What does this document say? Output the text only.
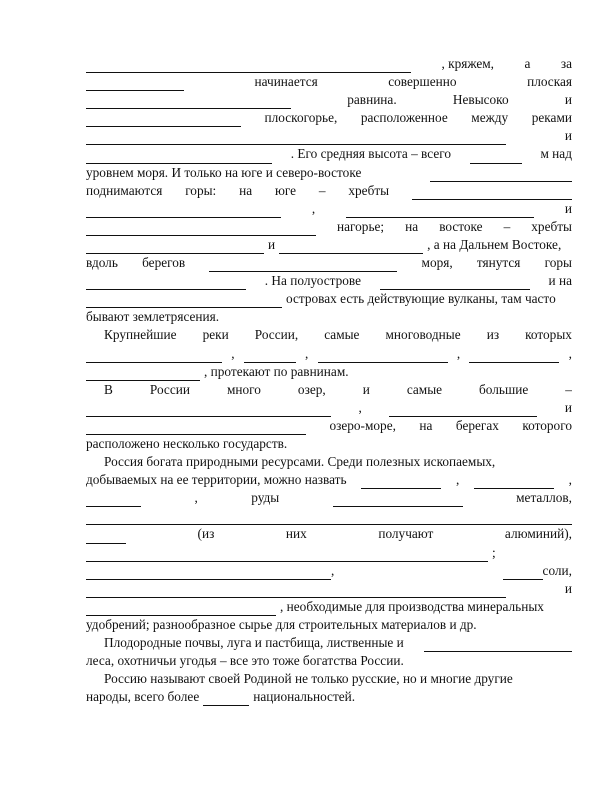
, кряжем, а за
начинается	совершенно	плоская
равнина.	Невысоко	и
плоскогорье, расположенное между реками
и
. Его средняя высота – всего	м над
уровнем моря. И только на юге и северо-востоке
поднимаются горы: на юге – хребты
,	и
нагорье; на востоке – хребты
и	, а на Дальнем Востоке,
вдоль берегов	моря, тянутся горы
. На полуострове	и на
островах есть действующие вулканы, там часто
бывают землетрясения.
Крупнейшие реки России, самые многоводные из которых
,	,	,	,
, протекают по равнинам.
В	России	много	озер,	и	самые	большие	–
,	и
озеро-море, на берегах которого
расположено несколько государств.
Россия богата природными ресурсами. Среди полезных ископаемых,
добываемых на ее территории, можно назвать	,	,
,	руды	металлов,
(из	них	получают	алюминий),
;
,	соли,
и
, необходимые для производства минеральных
удобрений; разнообразное сырье для строительных материалов и др.
Плодородные почвы, луга и пастбища, лиственные и
леса, охотничьи угодья – все это тоже богатства России.
Россию называют своей Родиной не только русские, но и многие другие
народы, всего более	национальностей.
